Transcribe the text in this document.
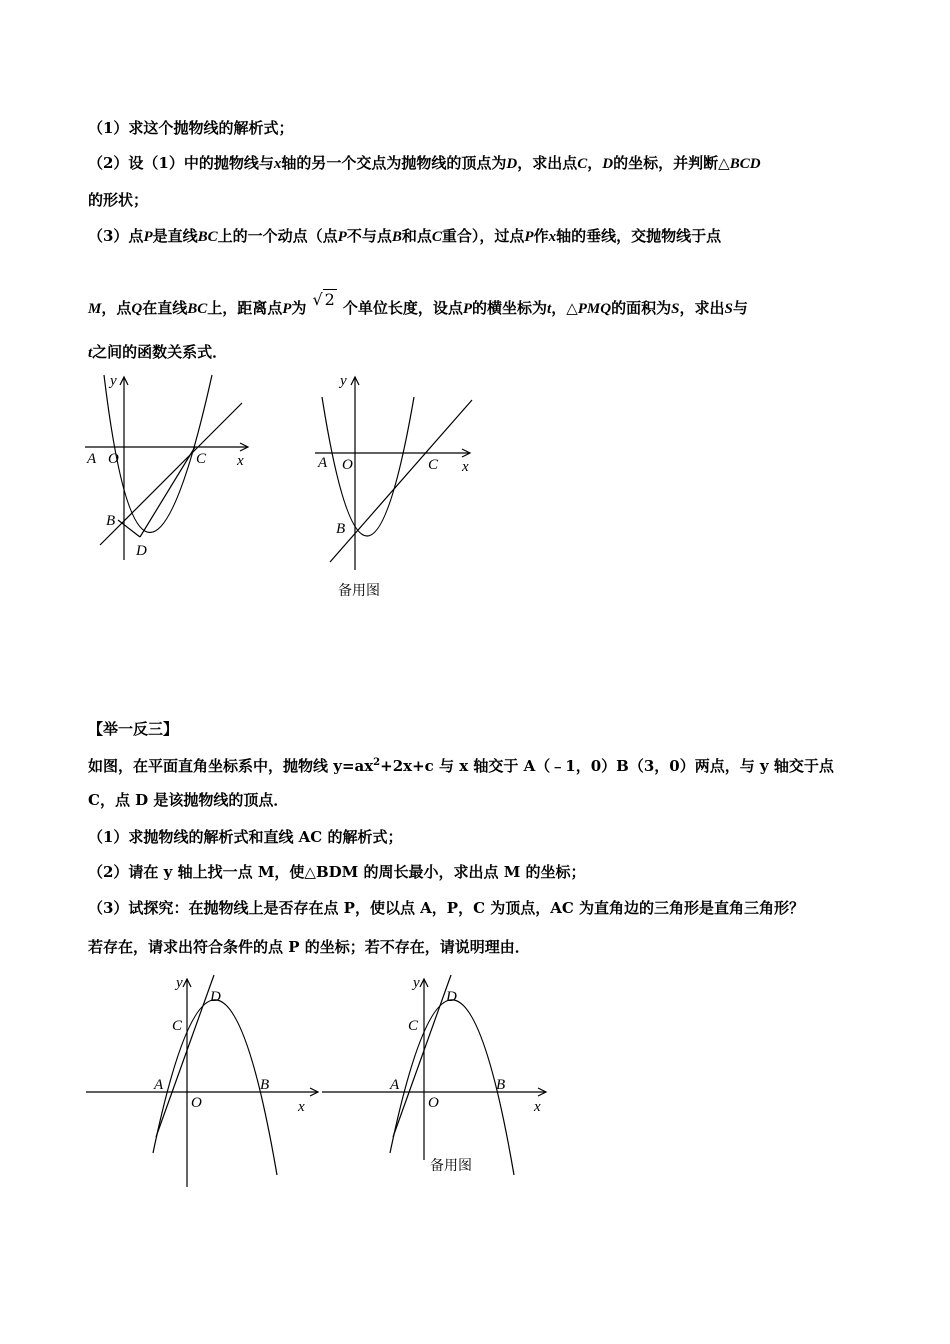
（1）求这个抛物线的解析式；
（2）设（1）中的抛物线与x轴的另一个交点为抛物线的顶点为D，求出点C，D的坐标，并判断△BCD
的形状；
（3）点P是直线BC上的一个动点（点P不与点B和点C重合），过点P作x轴的垂线，交抛物线于点
M，点Q在直线BC上，距离点P为 √ 2 个单位长度，设点P的横坐标为t，△PMQ的面积为S，求出S与
t之间的函数关系式．
y
x
A O	C
B
D
y
x
A O	C
B
备用图
【举一反三】
如图，在平面直角坐标系中，抛物线 $y=ax^2+2x+c$ 与 x 轴交于 A（﹣1，0）B（3，0）两点，与 y 轴交于点
C，点 D 是该抛物线的顶点．
（1）求抛物线的解析式和直线 AC 的解析式；
（2）请在 y 轴上找一点 M，使△BDM 的周长最小，求出点 M 的坐标；
（3）试探究：在抛物线上是否存在点 P，使以点 A，P，C 为顶点，AC 为直角边的三角形是直角三角形？
若存在，请求出符合条件的点 P 的坐标；若不存在，请说明理由．
y
x
A
O
C
B
D
y
x
A
O
C
B
D
备用图
